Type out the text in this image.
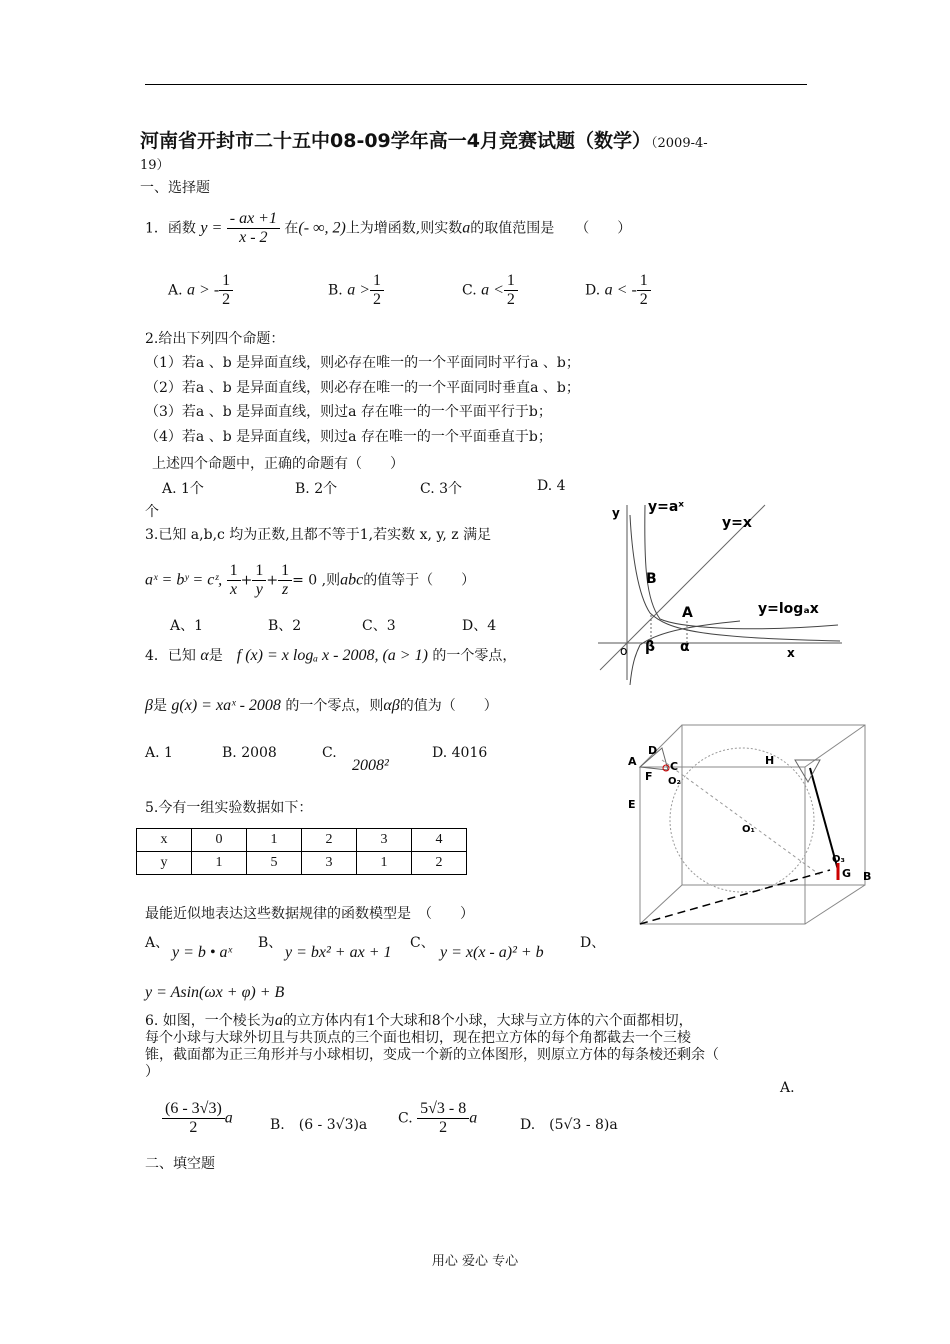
河南省开封市二十五中08-09学年高一4月竞赛试题（数学）（2009-4-
19）
一、选择题
1．函数 $y = \frac{- ax +1}{x - 2}$ 在(- ∞, 2)上为增函数,则实数a的取值范围是　　（　　）
A. a > - $\frac{1}{2}$	B. $a > \frac{1}{2}$	C. $a < \frac{1}{2}$	D. a < - $\frac{1}{2}$
2.给出下列四个命题：
（1）若a 、b 是异面直线，则必存在唯一的一个平面同时平行a 、b；
（2）若a 、b 是异面直线，则必存在唯一的一个平面同时垂直a 、b；
（3）若a 、b 是异面直线，则过a 存在唯一的一个平面平行于b；
（4）若a 、b 是异面直线，则过a 存在唯一的一个平面垂直于b；
上述四个命题中，正确的命题有（　　）
A. 1个	B. 2个	C. 3个	D. 4
个
3.已知 a,b,c 均为正数,且都不等于1,若实数 x, y, z 满足
aˣ = bʸ = cᶻ, $\frac{1}{x} + \frac{1}{y} + \frac{1}{z} = 0$ ,则abc的值等于（　　）
A、1	B、2	C、3	D、4
4．已知 α是　 f (x) = x logₐ x - 2008, (a > 1) 的一个零点，
β是 g(x) = xaˣ - 2008 的一个零点，则αβ的值为（　　）
A. 1	B. 2008	C.
2008²
D. 4016
5.今有一组实验数据如下：
x	0	1	2	3	4
y	1	5	3	1	2
最能近似地表达这些数据规律的函数模型是　（　　）
A、
y = b • aˣ
B、
y = bx² + ax + 1
C、
y = x(x - a)² + b
D、
y = Asin(ωx + φ) + B
6. 如图，一个棱长为a的立方体内有1个大球和8个小球，大球与立方体的六个面都相切，
每个小球与大球外切且与共顶点的三个面也相切，现在把立方体的每个角都截去一个三棱
锥，截面都为正三角形并与小球相切，变成一个新的立体图形，则原立方体的每条棱还剩余（
）
A.
$\frac{(6 - 3√3)}{2}$ a	B.　(6 - 3√3)a C. $\frac{5√3 - 8}{2}$ a	D.　(5√3 - 8)a
二、填空题
y
x
o
y=aˣ
y=x
y=logₐx
B
A
β α
A
D
C
F O₂
E
H
O₁
O₃
G B
用心 爱心 专心
